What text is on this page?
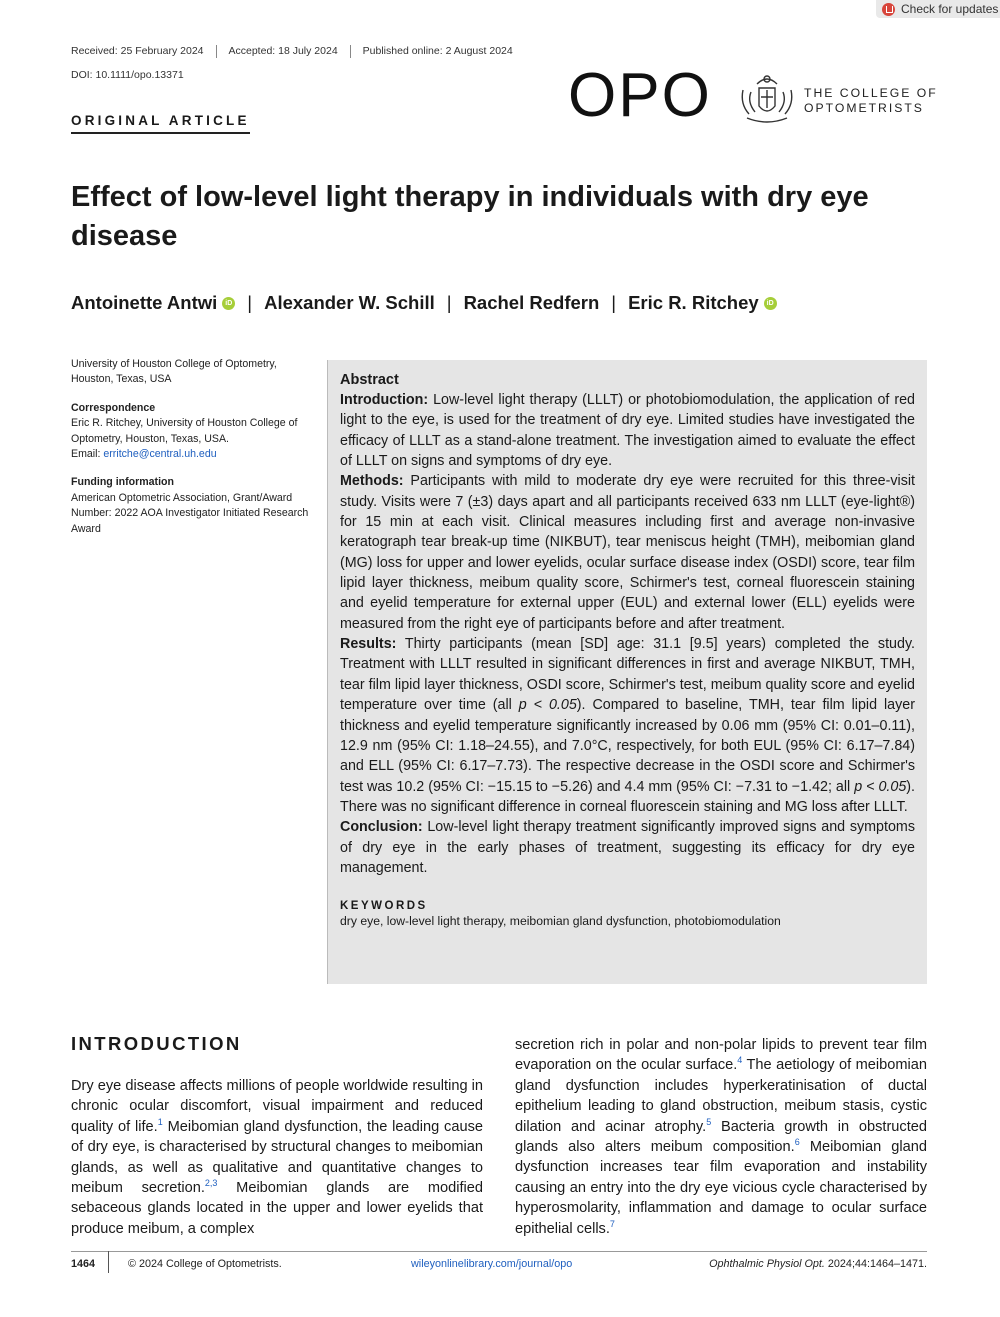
Check for updates
Received: 25 February 2024	Accepted: 18 July 2024	Published online: 2 August 2024
DOI: 10.1111/opo.13371
ORIGINAL ARTICLE	OPO	THE COLLEGE OF
OPTOMETRISTS
Effect of low-level light therapy in individuals with dry eye disease
Antoinette Antwi	iD | Alexander W. Schill | Rachel Redfern | Eric R. Ritchey	iD
University of Houston College of Optometry, Houston, Texas, USA
Correspondence
Eric R. Ritchey, University of Houston College of Optometry, Houston, Texas, USA.
Email: erritche@central.uh.edu
Funding information
American Optometric Association, Grant/Award Number: 2022 AOA Investigator Initiated Research Award
Abstract

Introduction: Low-level light therapy (LLLT) or photobiomodulation, the application of red light to the eye, is used for the treatment of dry eye. Limited studies have investigated the efficacy of LLLT as a stand-alone treatment. The investigation aimed to evaluate the effect of LLLT on signs and symptoms of dry eye.

Methods: Participants with mild to moderate dry eye were recruited for this three-visit study. Visits were 7 (±3) days apart and all participants received 633 nm LLLT (eye-light®) for 15 min at each visit. Clinical measures including first and average non-invasive keratograph tear break-up time (NIKBUT), tear meniscus height (TMH), meibomian gland (MG) loss for upper and lower eyelids, ocular surface disease index (OSDI) score, tear film lipid layer thickness, meibum quality score, Schirmer's test, corneal fluorescein staining and eyelid temperature for external upper (EUL) and external lower (ELL) eyelids were measured from the right eye of participants before and after treatment.

Results: Thirty participants (mean [SD] age: 31.1 [9.5] years) completed the study. Treatment with LLLT resulted in significant differences in first and average NIKBUT, TMH, tear film lipid layer thickness, OSDI score, Schirmer's test, meibum quality score and eyelid temperature over time (all p < 0.05). Compared to baseline, TMH, tear film lipid layer thickness and eyelid temperature significantly increased by 0.06 mm (95% CI: 0.01–0.11), 12.9 nm (95% CI: 1.18–24.55), and 7.0°C, respectively, for both EUL (95% CI: 6.17–7.84) and ELL (95% CI: 6.17–7.73). The respective decrease in the OSDI score and Schirmer's test was 10.2 (95% CI: −15.15 to −5.26) and 4.4 mm (95% CI: −7.31 to −1.42; all p < 0.05). There was no significant difference in corneal fluorescein staining and MG loss after LLLT.

Conclusion: Low-level light therapy treatment significantly improved signs and symptoms of dry eye in the early phases of treatment, suggesting its efficacy for dry eye management.

KEYWORDS
dry eye, low-level light therapy, meibomian gland dysfunction, photobiomodulation
INTRODUCTION
Dry eye disease affects millions of people worldwide resulting in chronic ocular discomfort, visual impairment and reduced quality of life.$^1$ Meibomian gland dysfunction, the leading cause of dry eye, is characterised by structural changes to meibomian glands, as well as qualitative and quantitative changes to meibum secretion.$^{2,3}$ Meibomian glands are modified sebaceous glands located in the upper and lower eyelids that produce meibum, a complex
secretion rich in polar and non-polar lipids to prevent tear film evaporation on the ocular surface.$^4$ The aetiology of meibomian gland dysfunction includes hyperkeratinisation of ductal epithelium leading to gland obstruction, meibum stasis, cystic dilation and acinar atrophy.$^5$ Bacteria growth in obstructed glands also alters meibum composition.$^6$ Meibomian gland dysfunction increases tear film evaporation and instability causing an entry into the dry eye vicious cycle characterised by hyperosmolarity, inflammation and damage to ocular surface epithelial cells.$^7$
1464	© 2024 College of Optometrists.	wileyonlinelibrary.com/journal/opo	Ophthalmic Physiol Opt. 2024;44:1464–1471.
